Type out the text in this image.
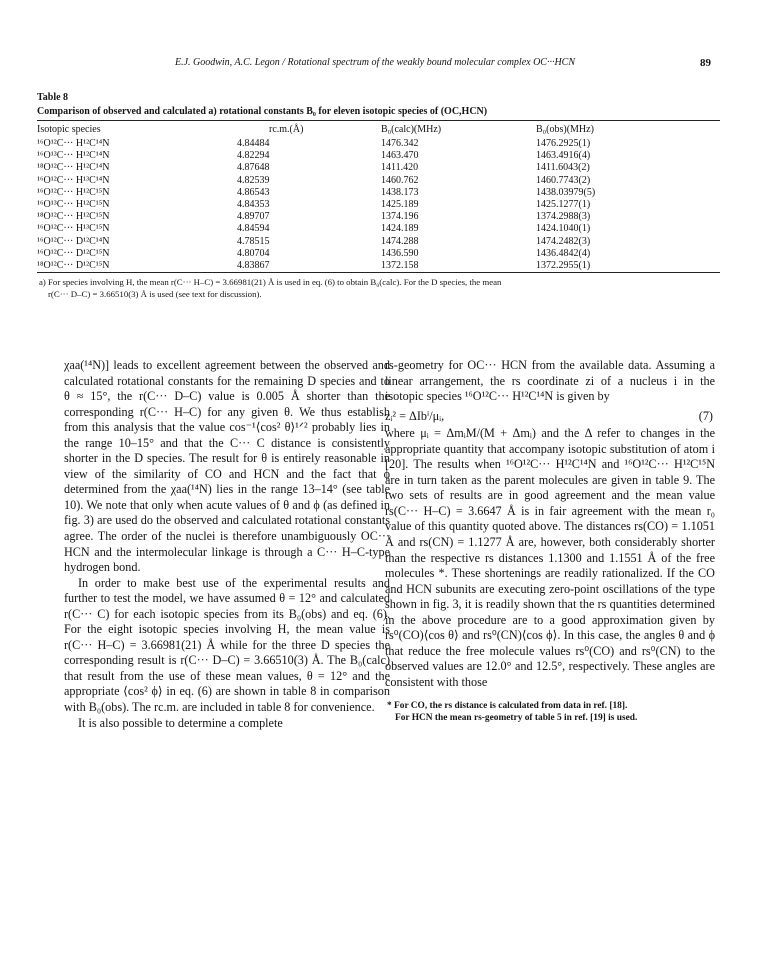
E.J. Goodwin, A.C. Legon / Rotational spectrum of the weakly bound molecular complex OC···HCN	89
Table 8
Comparison of observed and calculated a) rotational constants B₀ for eleven isotopic species of (OC,HCN)
Isotopic species	rc.m.(Å)	B₀(calc)(MHz)	B₀(obs)(MHz)
¹⁶O¹²C··· H¹²C¹⁴N	4.84484	1476.342	1476.2925(1)
¹⁶O¹³C··· H¹²C¹⁴N	4.82294	1463.470	1463.4916(4)
¹⁸O¹²C··· H¹²C¹⁴N	4.87648	1411.420	1411.6043(2)
¹⁶O¹²C··· H¹³C¹⁴N	4.82539	1460.762	1460.7743(2)
¹⁶O¹²C··· H¹²C¹⁵N	4.86543	1438.173	1438.03979(5)
¹⁶O¹³C··· H¹²C¹⁵N	4.84353	1425.189	1425.1277(1)
¹⁸O¹²C··· H¹²C¹⁵N	4.89707	1374.196	1374.2988(3)
¹⁶O¹²C··· H¹³C¹⁵N	4.84594	1424.189	1424.1040(1)
¹⁶O¹²C··· D¹²C¹⁴N	4.78515	1474.288	1474.2482(3)
¹⁶O¹²C··· D¹²C¹⁵N	4.80704	1436.590	1436.4842(4)
¹⁸O¹²C··· D¹²C¹⁵N	4.83867	1372.158	1372.2955(1)
a) For species involving H, the mean r(C··· H–C) = 3.66981(21) Å is used in eq. (6) to obtain B₀(calc). For the D species, the mean
r(C··· D–C) = 3.66510(3) Å is used (see text for discussion).

χaa(¹⁴N)] leads to excellent agreement between the observed and calculated rotational constants for the remaining D species and to θ ≈ 15°, the r(C··· D–C) value is 0.005 Å shorter than the corresponding r(C··· H–C) for any given θ. We thus establish from this analysis that the value cos⁻¹⟨cos² θ⟩¹ᐟ² probably lies in the range 10–15° and that the C··· C distance is consistently shorter in the D species. The result for θ is entirely reasonable in view of the similarity of CO and HCN and the fact that ϕ determined from the χaa(¹⁴N) lies in the range 13–14° (see table 10). We note that only when acute values of θ and ϕ (as defined in fig. 3) are used do the observed and calculated rotational constants agree. The order of the nuclei is therefore unambiguously OC··· HCN and the intermolecular linkage is through a C··· H–C-type hydrogen bond.

In order to make best use of the experimental results and further to test the model, we have assumed θ = 12° and calculated r(C··· C) for each isotopic species from its B₀(obs) and eq. (6). For the eight isotopic species involving H, the mean value is r(C··· H–C) = 3.66981(21) Å while for the three D species the corresponding result is r(C··· D–C) = 3.66510(3) Å. The B₀(calc) that result from the use of these mean values, θ = 12° and the appropriate ⟨cos² ϕ⟩ in eq. (6) are shown in table 8 in comparison with B₀(obs). The rc.m. are included in table 8 for convenience.

It is also possible to determine a complete

rs-geometry for OC··· HCN from the available data. Assuming a linear arrangement, the rs coordinate zi of a nucleus i in the isotopic species ¹⁶O¹²C··· H¹²C¹⁴N is given by

zᵢ² = ΔIbⁱ/μᵢ,	(7)

where μᵢ = ΔmᵢM/(M + Δmᵢ) and the Δ refer to changes in the appropriate quantity that accompany isotopic substitution of atom i [20]. The results when ¹⁶O¹²C··· H¹²C¹⁴N and ¹⁶O¹²C··· H¹²C¹⁵N are in turn taken as the parent molecules are given in table 9. The two sets of results are in good agreement and the mean value rs(C··· H–C) = 3.6647 Å is in fair agreement with the mean r₀ value of this quantity quoted above. The distances rs(CO) = 1.1051 Å and rs(CN) = 1.1277 Å are, however, both considerably shorter than the respective rs distances 1.1300 and 1.1551 Å of the free molecules *. These shortenings are readily rationalized. If the CO and HCN subunits are executing zero-point oscillations of the type shown in fig. 3, it is readily shown that the rs quantities determined in the above procedure are to a good approximation given by rs⁰(CO)⟨cos θ⟩ and rs⁰(CN)⟨cos ϕ⟩. In this case, the angles θ and ϕ that reduce the free molecule values rs⁰(CO) and rs⁰(CN) to the observed values are 12.0° and 12.5°, respectively. These angles are consistent with those

* For CO, the rs distance is calculated from data in ref. [18].

For HCN the mean rs-geometry of table 5 in ref. [19] is used.
